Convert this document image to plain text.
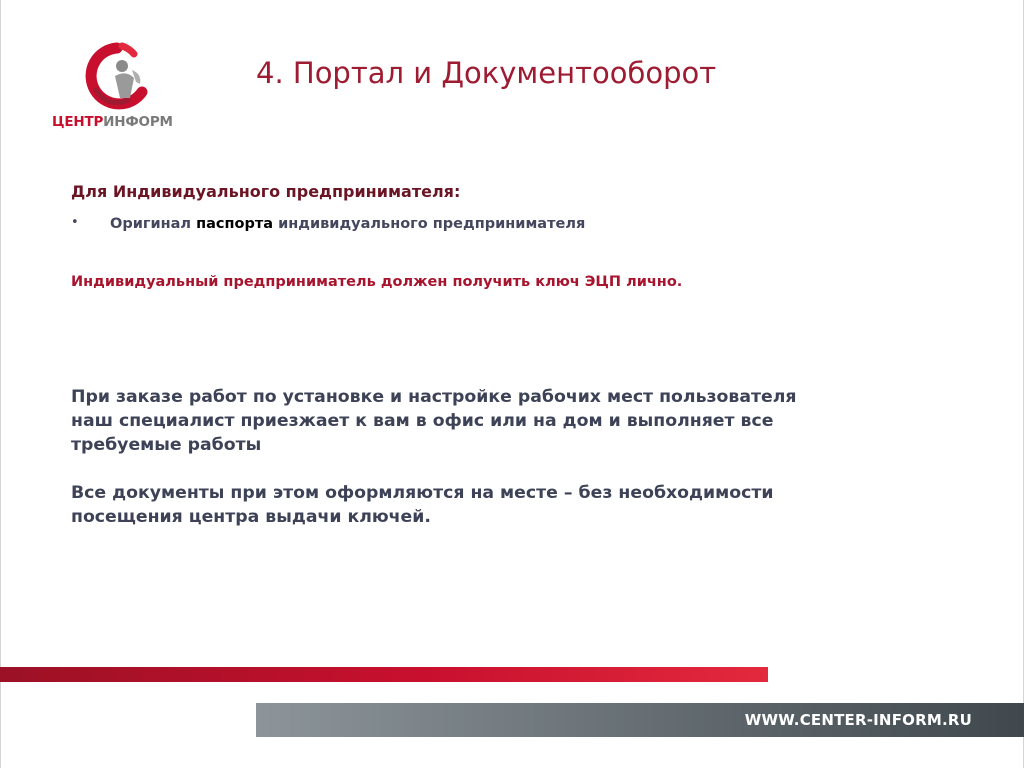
ЦЕНТРИНФОРМ
4. Портал и Документооборот
Для Индивидуального предпринимателя:
• Оригинал паспорта индивидуального предпринимателя
Индивидуальный предприниматель должен получить ключ ЭЦП лично.
При заказе работ по установке и настройке рабочих мест пользователя
наш специалист приезжает к вам в офис или на дом и выполняет все
требуемые работы
Все документы при этом оформляются на месте – без необходимости
посещения центра выдачи ключей.
WWW.CENTER-INFORM.RU
